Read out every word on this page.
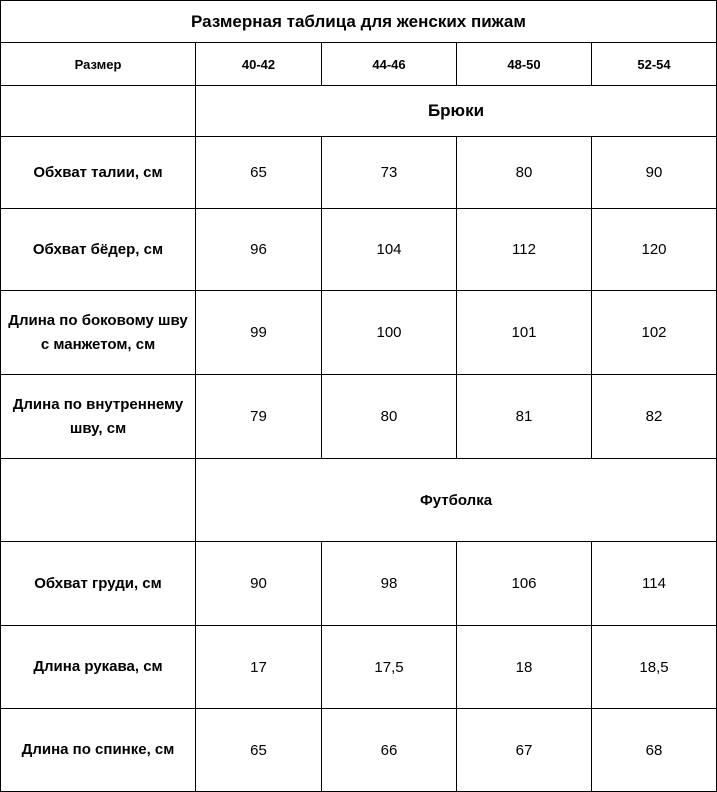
Размерная таблица для женских пижам				
Размер	40-42	44-46	48-50	52-54
	Брюки			
Обхват талии, см	65	73	80	90
Обхват бёдер, см	96	104	112	120
Длина по боковому шву с манжетом, см	99	100	101	102
Длина по внутреннему шву, см	79	80	81	82
	Футболка			
Обхват груди, см	90	98	106	114
Длина рукава, см	17	17,5	18	18,5
Длина по спинке, см	65	66	67	68
